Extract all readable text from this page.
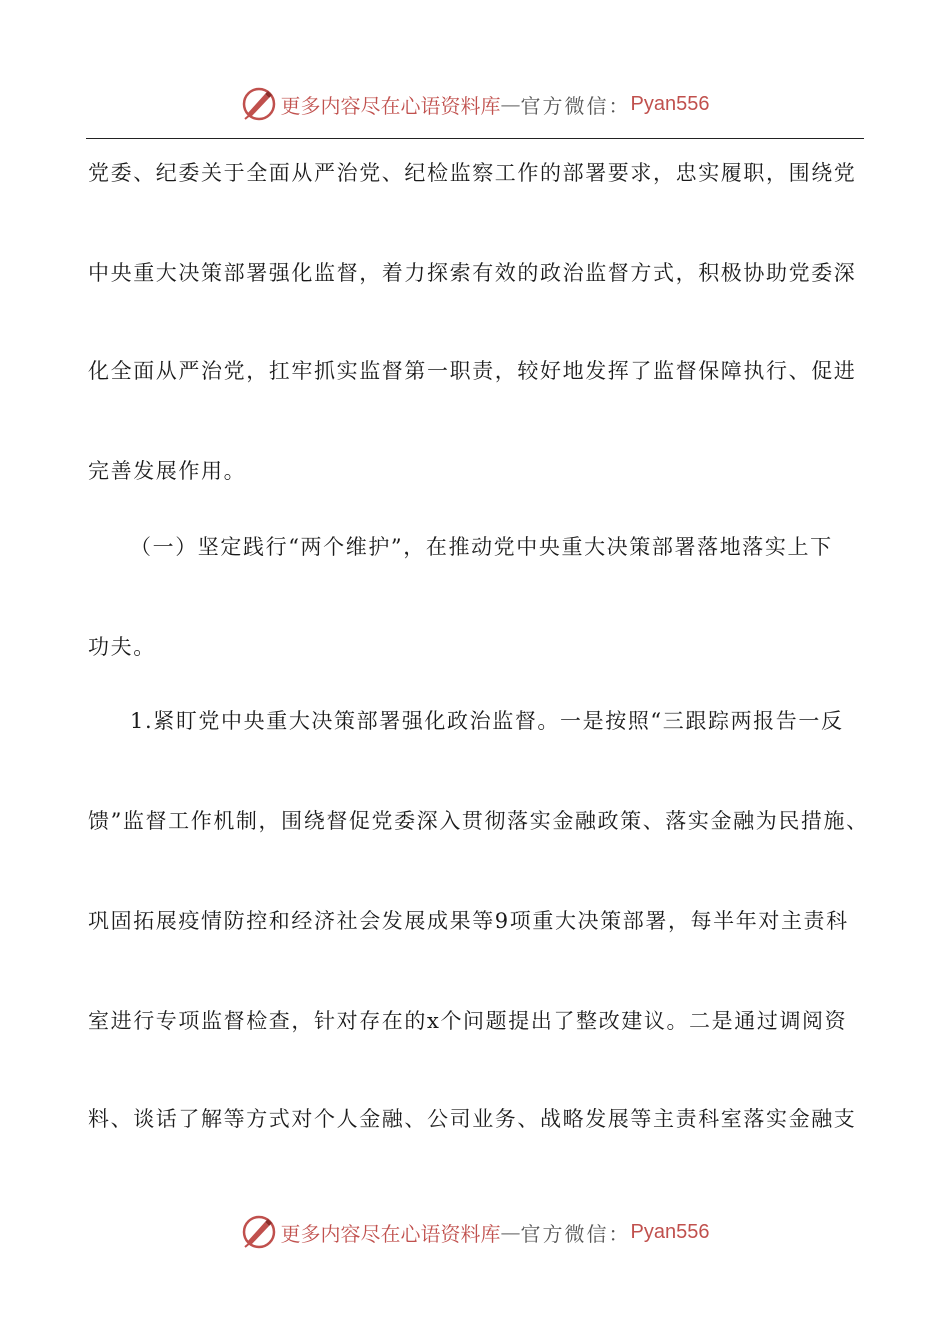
更多内容尽在心语资料库 — 官方微信： Pyan556
党委、纪委关于全面从严治党、纪检监察工作的部署要求，忠实履职，围绕党
中央重大决策部署强化监督，着力探索有效的政治监督方式，积极协助党委深
化全面从严治党，扛牢抓实监督第一职责，较好地发挥了监督保障执行、促进
完善发展作用。
（一）坚定践行“两个维护”，在推动党中央重大决策部署落地落实上下
功夫。
1.紧盯党中央重大决策部署强化政治监督。一是按照“三跟踪两报告一反
馈”监督工作机制，围绕督促党委深入贯彻落实金融政策、落实金融为民措施、
巩固拓展疫情防控和经济社会发展成果等9项重大决策部署，每半年对主责科
室进行专项监督检查，针对存在的x个问题提出了整改建议。二是通过调阅资
料、谈话了解等方式对个人金融、公司业务、战略发展等主责科室落实金融支
更多内容尽在心语资料库 — 官方微信： Pyan556
